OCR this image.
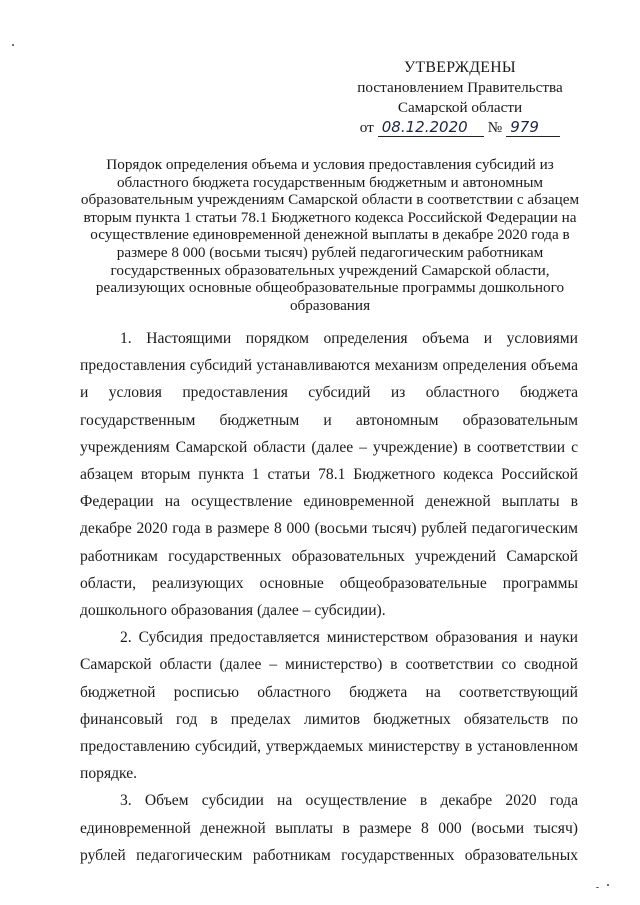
УТВЕРЖДЕНЫ
постановлением Правительства
Самарской области
от 08.12.2020	№ 979
Порядок определения объема и условия предоставления субсидий из областного бюджета государственным бюджетным и автономным образовательным учреждениям Самарской области в соответствии с абзацем вторым пункта 1 статьи 78.1 Бюджетного кодекса Российской Федерации на осуществление единовременной денежной выплаты в декабре 2020 года в размере 8 000 (восьми тысяч) рублей педагогическим работникам государственных образовательных учреждений Самарской области, реализующих основные общеобразовательные программы дошкольного образования

1. Настоящими порядком определения объема и условиями предоставления субсидий устанавливаются механизм определения объема и условия предоставления субсидий из областного бюджета государственным бюджетным и автономным образовательным учреждениям Самарской области (далее – учреждение) в соответствии с абзацем вторым пункта 1 статьи 78.1 Бюджетного кодекса Российской Федерации на осуществление единовременной денежной выплаты в декабре 2020 года в размере 8 000 (восьми тысяч) рублей педагогическим работникам государственных образовательных учреждений Самарской области, реализующих основные общеобразовательные программы дошкольного образования (далее – субсидии).

2. Субсидия предоставляется министерством образования и науки Самарской области (далее – министерство) в соответствии со сводной бюджетной росписью областного бюджета на соответствующий финансовый год в пределах лимитов бюджетных обязательств по предоставлению субсидий, утверждаемых министерству в установленном порядке.

3. Объем субсидии на осуществление в декабре 2020 года единовременной денежной выплаты в размере 8 000 (восьми тысяч) рублей педагогическим работникам государственных образовательных
